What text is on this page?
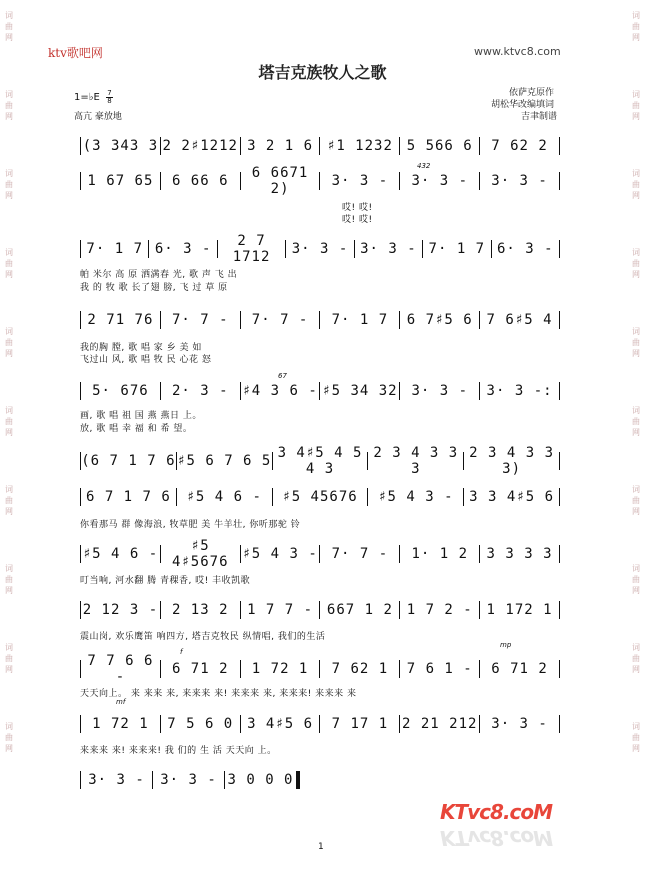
词
曲
网
词
曲
网
词
曲
网
词
曲
网
词
曲
网
词
曲
网
词
曲
网
词
曲
网
词
曲
网
词
曲
网
词
曲
网
词
曲
网
词
曲
网
词
曲
网
词
曲
网
词
曲
网
词
曲
网
词
曲
网
词
曲
网
词
曲
网
ktv歌吧网	www.ktvc8.com
塔吉克族牧人之歌
1=♭E 7
8
高亢 豪放地
依萨克原作
胡松华改编填词
吉聿制谱
(3 343 3 2 2♯1212 3 2 1 6 ♯1 1232 5 566 6	7 62 2
432
1 67 65	6 66 6	6 6671 2)	3· 3 -	3· 3 -	3· 3 -
哎! 哎!
哎! 哎!
7· 1 7 6· 3 -	2 7 1712	3· 3 - 3· 3 - 7· 1 7 6· 3 -
帕 米尔 高 原 洒满春 光, 歌 声 飞 出
我 的 牧 歌 长了翅 膀, 飞 过 草 原
2 71 76	7· 7 -	7· 7 -	7· 1 7	6 7♯5 6 7 6♯5 4
我的胸 膛, 歌 唱 家 乡 美 如
飞过山 风, 歌 唱 牧 民 心花 怒
67
5· 676	2· 3 - ♯4 3 6 - ♯5 34 32 3· 3 -	3· 3 -:
画, 歌 唱 祖 国 燕 燕日 上。
放, 歌 唱 幸 福 和 希 望。
(6 7 1 7 6 ♯5 6 7 6 5 3 4♯5 4 5 4 3
2 3 4 3 3 3
2 3 4 3 3 3)
6 7 1 7 6	♯5 4 6 -	♯5 45676	♯5 4 3 -	3 3 4♯5 6
你看那马 群 像海浪, 牧草肥 美 牛羊壮, 你听那驼 铃
♯5 4 6 -	♯5 4♯5676 ♯5 4 3 - 7· 7 -	1· 1 2	3 3 3 3
叮当响, 河水翻 腾 青稞香, 哎! 丰收凯歌
2 12 3 - 2 13 2	1 7 7 - 667 1 2 1 7 2 - 1 172 1
震山岗, 欢乐鹰笛 响四方, 塔吉克牧民 纵情唱, 我们的生活
mp
f
7 7 6 6 -	6 71 2	1 72 1	7 62 1	7 6 1 -	6 71 2
天天向上。 来 来来 来, 来来来 来! 来来来 来, 来来来! 来来来 来
mf
1 72 1	7 5 6 0 3 4♯5 6	7 17 1 2 21 212 3· 3 -
来来来 来! 来来来! 我 们的 生 活 天天向 上。
3· 3 -	3· 3 - 3 0 0 0
1
KTvc8.coM
KTvc8.coM
